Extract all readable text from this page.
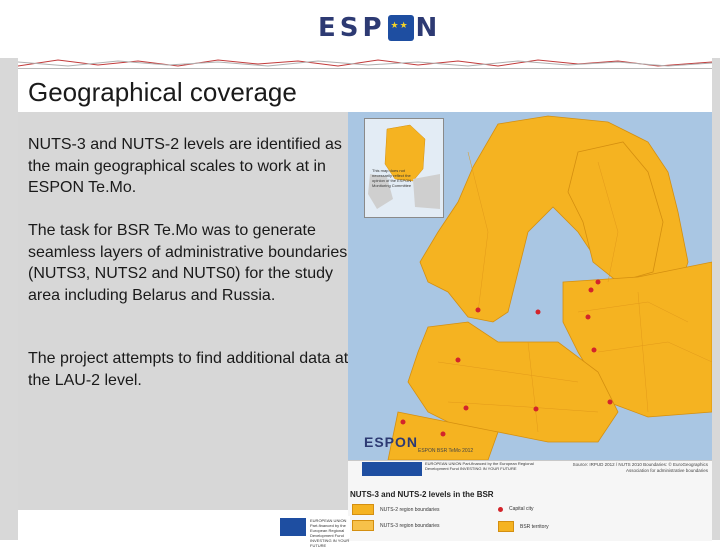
ESP
★★ N
Geographical coverage
NUTS-3 and NUTS-2 levels are identified as the main geographical scales to work at in ESPON Te.Mo.
The task for BSR Te.Mo was to generate seamless layers of administrative boundaries (NUTS3, NUTS2 and NUTS0) for the study area including Belarus and Russia.
The project attempts to find additional data at the LAU-2 level.
This map does not necessarily reflect the opinion of the ESPON Monitoring Committee
ESPON
ESPON BSR TeMo 2012
EUROPEAN UNION Part-financed by the European Regional Development Fund INVESTING IN YOUR FUTURE
Source: IRPUD 2012 / NUTS 2010 Boundaries: © EuroGeographics Association for administrative boundaries
NUTS-3 and NUTS-2 levels in the BSR
NUTS-2 region boundaries
NUTS-3 region boundaries
Capital city
BSR territory
EUROPEAN UNION Part-financed by the European Regional Development Fund INVESTING IN YOUR FUTURE
